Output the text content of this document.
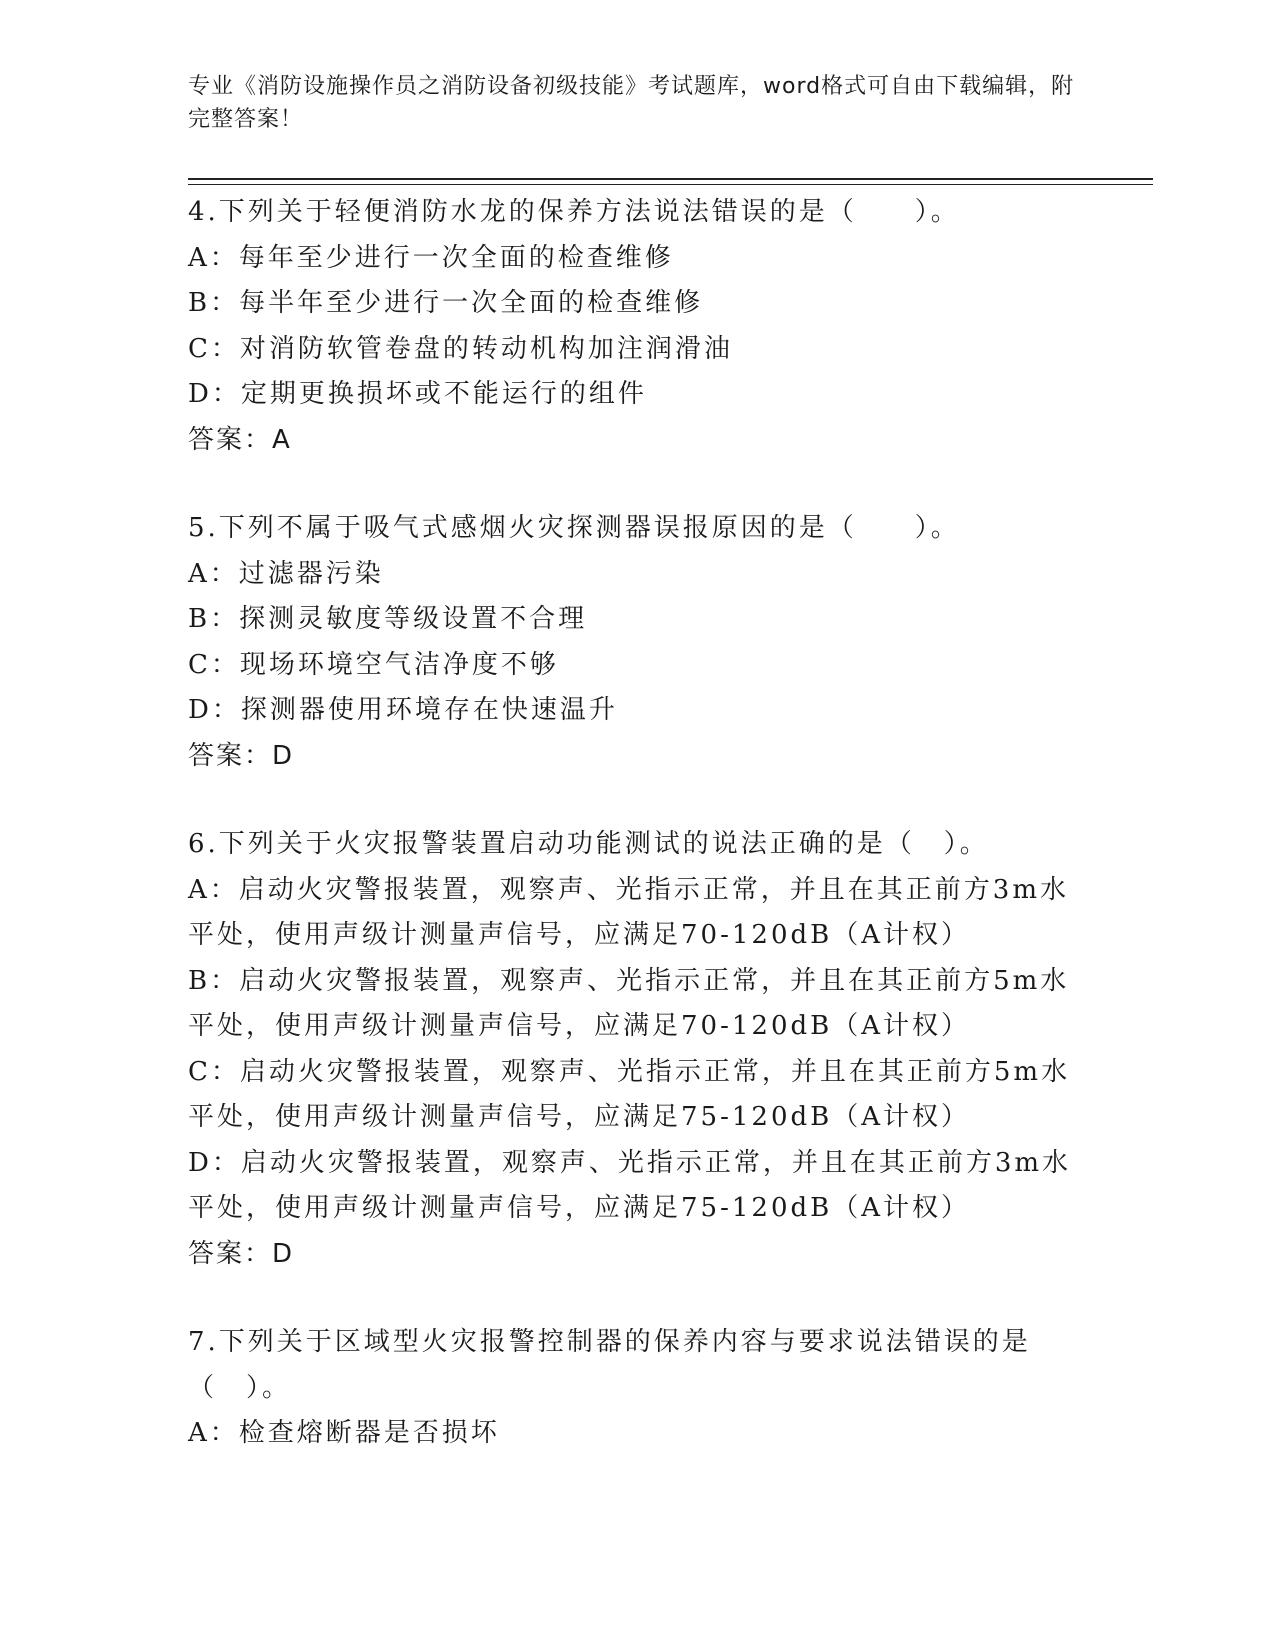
专业《消防设施操作员之消防设备初级技能》考试题库，word格式可自由下载编辑，附完整答案！

4.下列关于轻便消防水龙的保养方法说法错误的是（　　）。

A：每年至少进行一次全面的检查维修

B：每半年至少进行一次全面的检查维修

C：对消防软管卷盘的转动机构加注润滑油

D：定期更换损坏或不能运行的组件

答案：A

5.下列不属于吸气式感烟火灾探测器误报原因的是（　　）。

A：过滤器污染

B：探测灵敏度等级设置不合理

C：现场环境空气洁净度不够

D：探测器使用环境存在快速温升

答案：D

6.下列关于火灾报警装置启动功能测试的说法正确的是（　）。

A：启动火灾警报装置，观察声、光指示正常，并且在其正前方3m水平处，使用声级计测量声信号，应满足70-120dB（A计权）

B：启动火灾警报装置，观察声、光指示正常，并且在其正前方5m水平处，使用声级计测量声信号，应满足70-120dB（A计权）

C：启动火灾警报装置，观察声、光指示正常，并且在其正前方5m水平处，使用声级计测量声信号，应满足75-120dB（A计权）

D：启动火灾警报装置，观察声、光指示正常，并且在其正前方3m水平处，使用声级计测量声信号，应满足75-120dB（A计权）

答案：D

7.下列关于区域型火灾报警控制器的保养内容与要求说法错误的是（　）。

A：检查熔断器是否损坏
